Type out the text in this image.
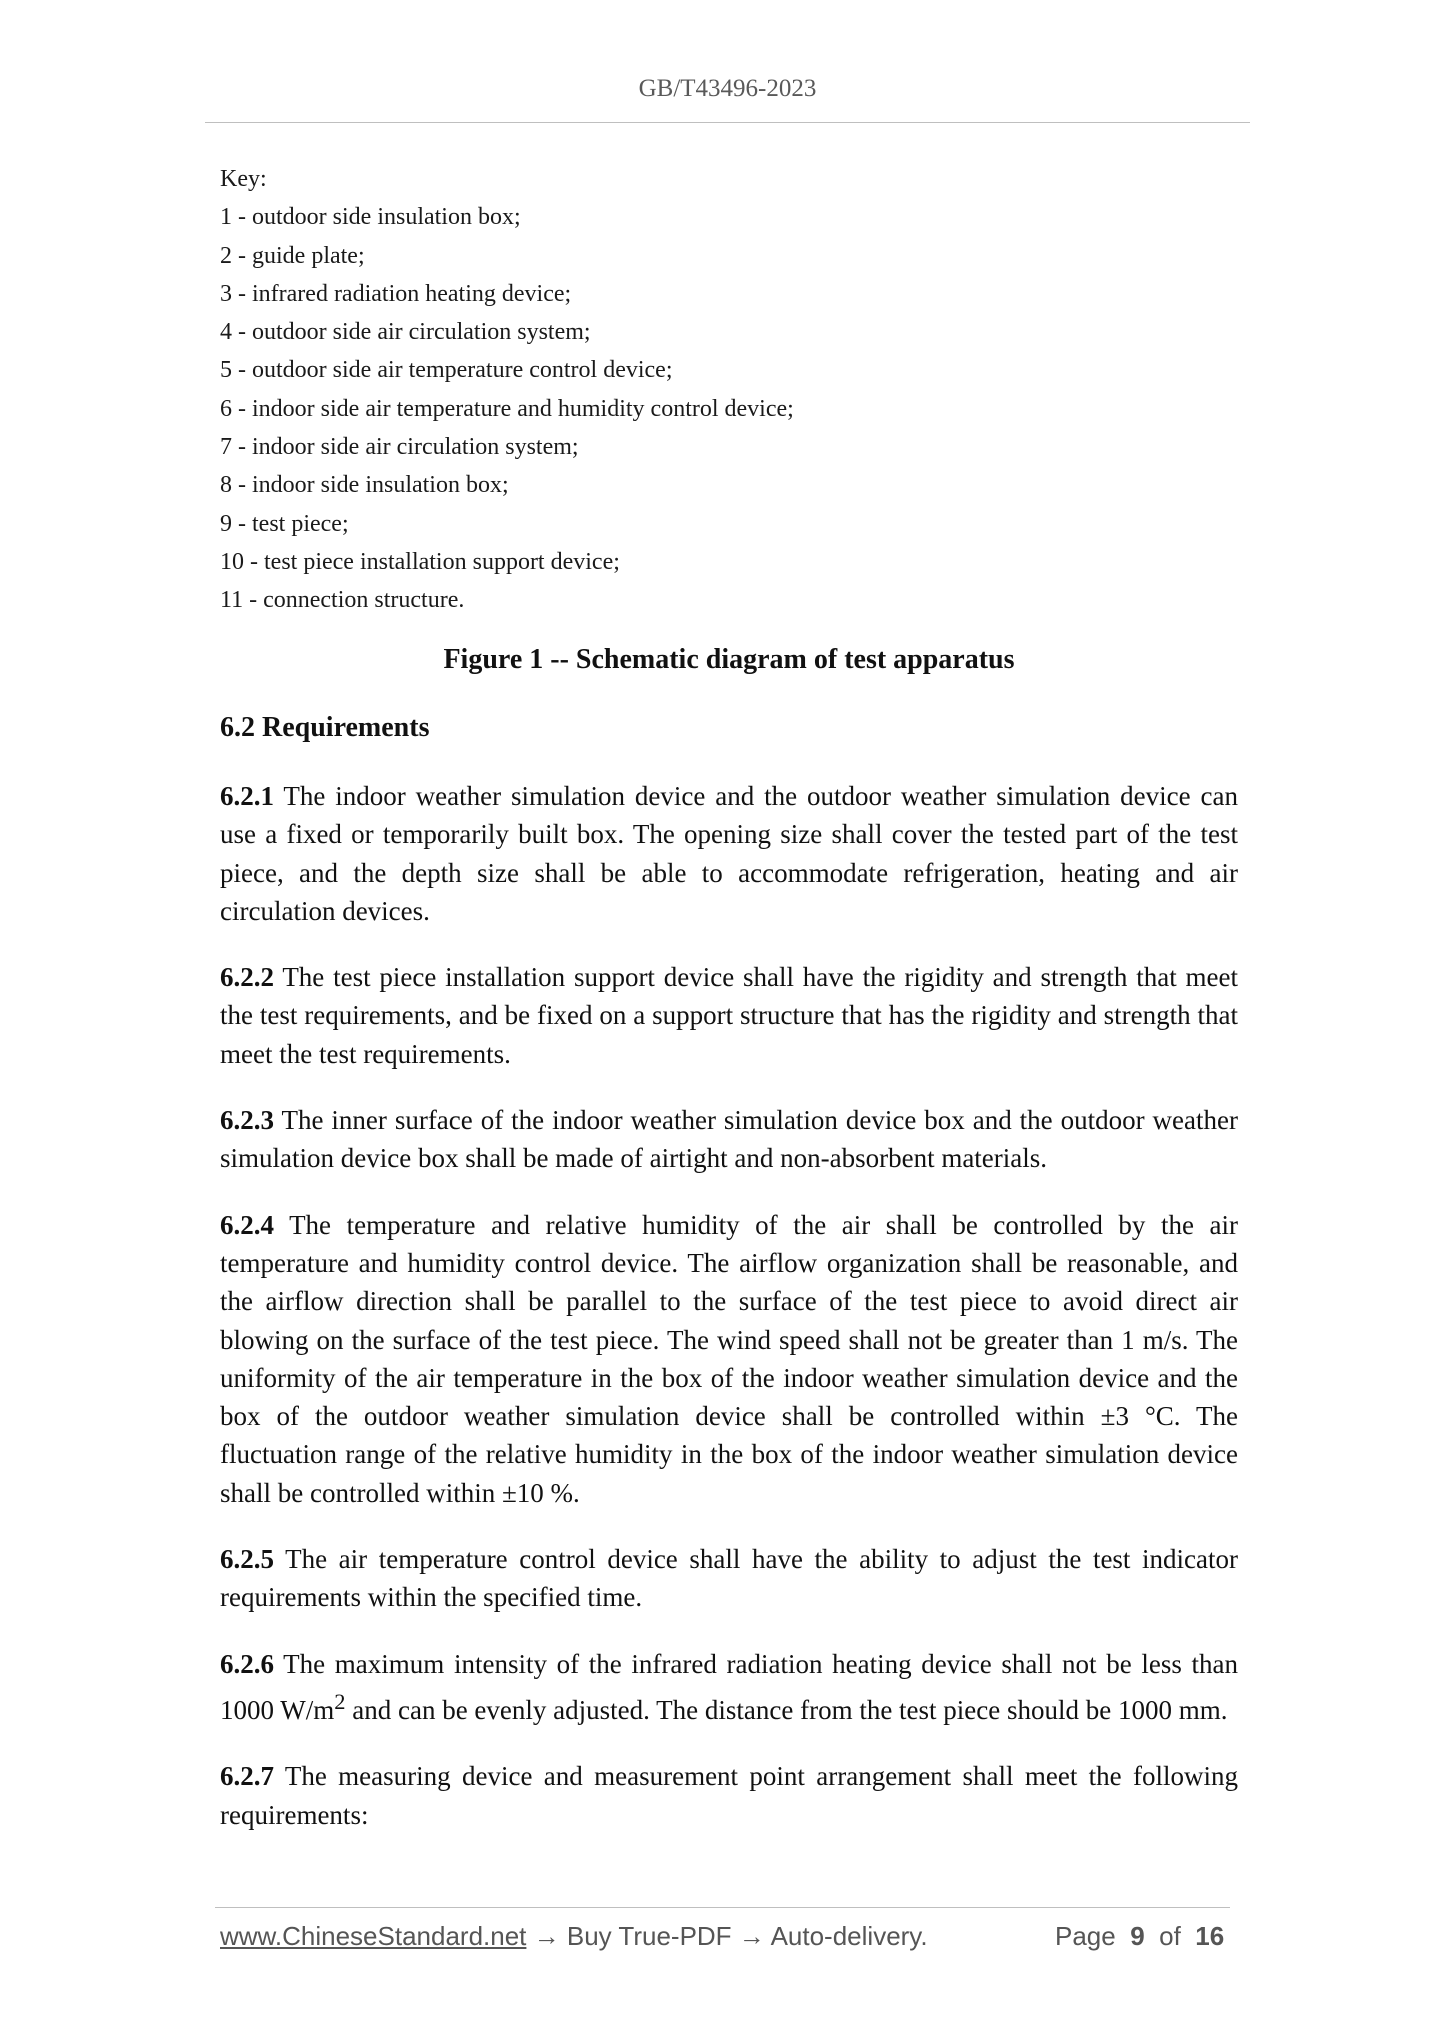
GB/T43496-2023
Key:
1 - outdoor side insulation box;
2 - guide plate;
3 - infrared radiation heating device;
4 - outdoor side air circulation system;
5 - outdoor side air temperature control device;
6 - indoor side air temperature and humidity control device;
7 - indoor side air circulation system;
8 - indoor side insulation box;
9 - test piece;
10 - test piece installation support device;
11 - connection structure.
Figure 1 -- Schematic diagram of test apparatus
6.2 Requirements

6.2.1 The indoor weather simulation device and the outdoor weather simulation device can use a fixed or temporarily built box. The opening size shall cover the tested part of the test piece, and the depth size shall be able to accommodate refrigeration, heating and air circulation devices.

6.2.2 The test piece installation support device shall have the rigidity and strength that meet the test requirements, and be fixed on a support structure that has the rigidity and strength that meet the test requirements.

6.2.3 The inner surface of the indoor weather simulation device box and the outdoor weather simulation device box shall be made of airtight and non-absorbent materials.

6.2.4 The temperature and relative humidity of the air shall be controlled by the air temperature and humidity control device. The airflow organization shall be reasonable, and the airflow direction shall be parallel to the surface of the test piece to avoid direct air blowing on the surface of the test piece. The wind speed shall not be greater than 1 m/s. The uniformity of the air temperature in the box of the indoor weather simulation device and the box of the outdoor weather simulation device shall be controlled within ±3 °C. The fluctuation range of the relative humidity in the box of the indoor weather simulation device shall be controlled within ±10 %.

6.2.5 The air temperature control device shall have the ability to adjust the test indicator requirements within the specified time.

6.2.6 The maximum intensity of the infrared radiation heating device shall not be less than 1000 $W/m^2$ and can be evenly adjusted. The distance from the test piece should be 1000 mm.

6.2.7 The measuring device and measurement point arrangement shall meet the following requirements:

www.ChineseStandard.net → Buy True-PDF → Auto-delivery.	Page 9 of 16
